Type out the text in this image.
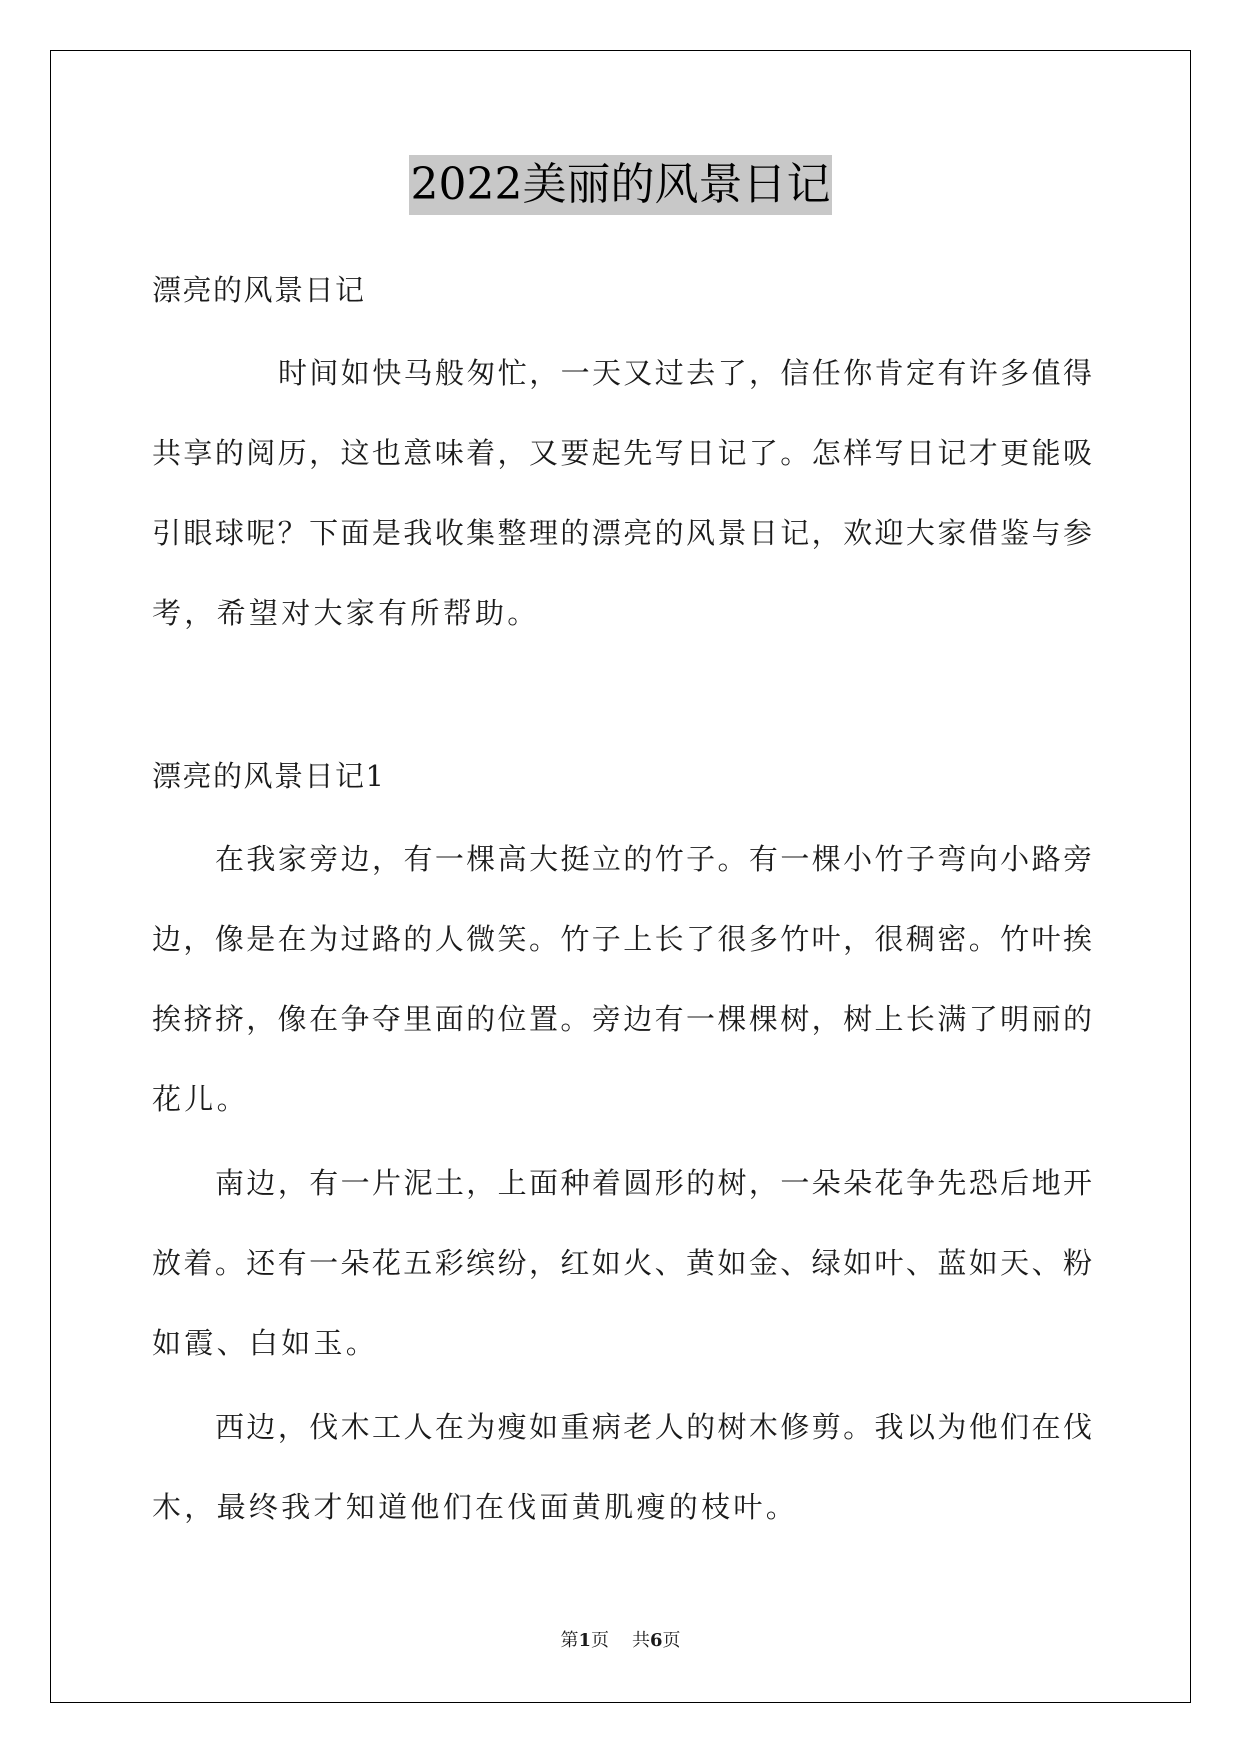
2022美丽的风景日记
漂亮的风景日记
时间如快马般匆忙，一天又过去了，信任你肯定有许多值得
共享的阅历，这也意味着，又要起先写日记了。怎样写日记才更能吸
引眼球呢？下面是我收集整理的漂亮的风景日记，欢迎大家借鉴与参
考，希望对大家有所帮助。
漂亮的风景日记1
在我家旁边，有一棵高大挺立的竹子。有一棵小竹子弯向小路旁
边，像是在为过路的人微笑。竹子上长了很多竹叶，很稠密。竹叶挨
挨挤挤，像在争夺里面的位置。旁边有一棵棵树，树上长满了明丽的
花儿。
南边，有一片泥土，上面种着圆形的树，一朵朵花争先恐后地开
放着。还有一朵花五彩缤纷，红如火、黄如金、绿如叶、蓝如天、粉
如霞、白如玉。
西边，伐木工人在为瘦如重病老人的树木修剪。我以为他们在伐
木，最终我才知道他们在伐面黄肌瘦的枝叶。
第1页 共6页
